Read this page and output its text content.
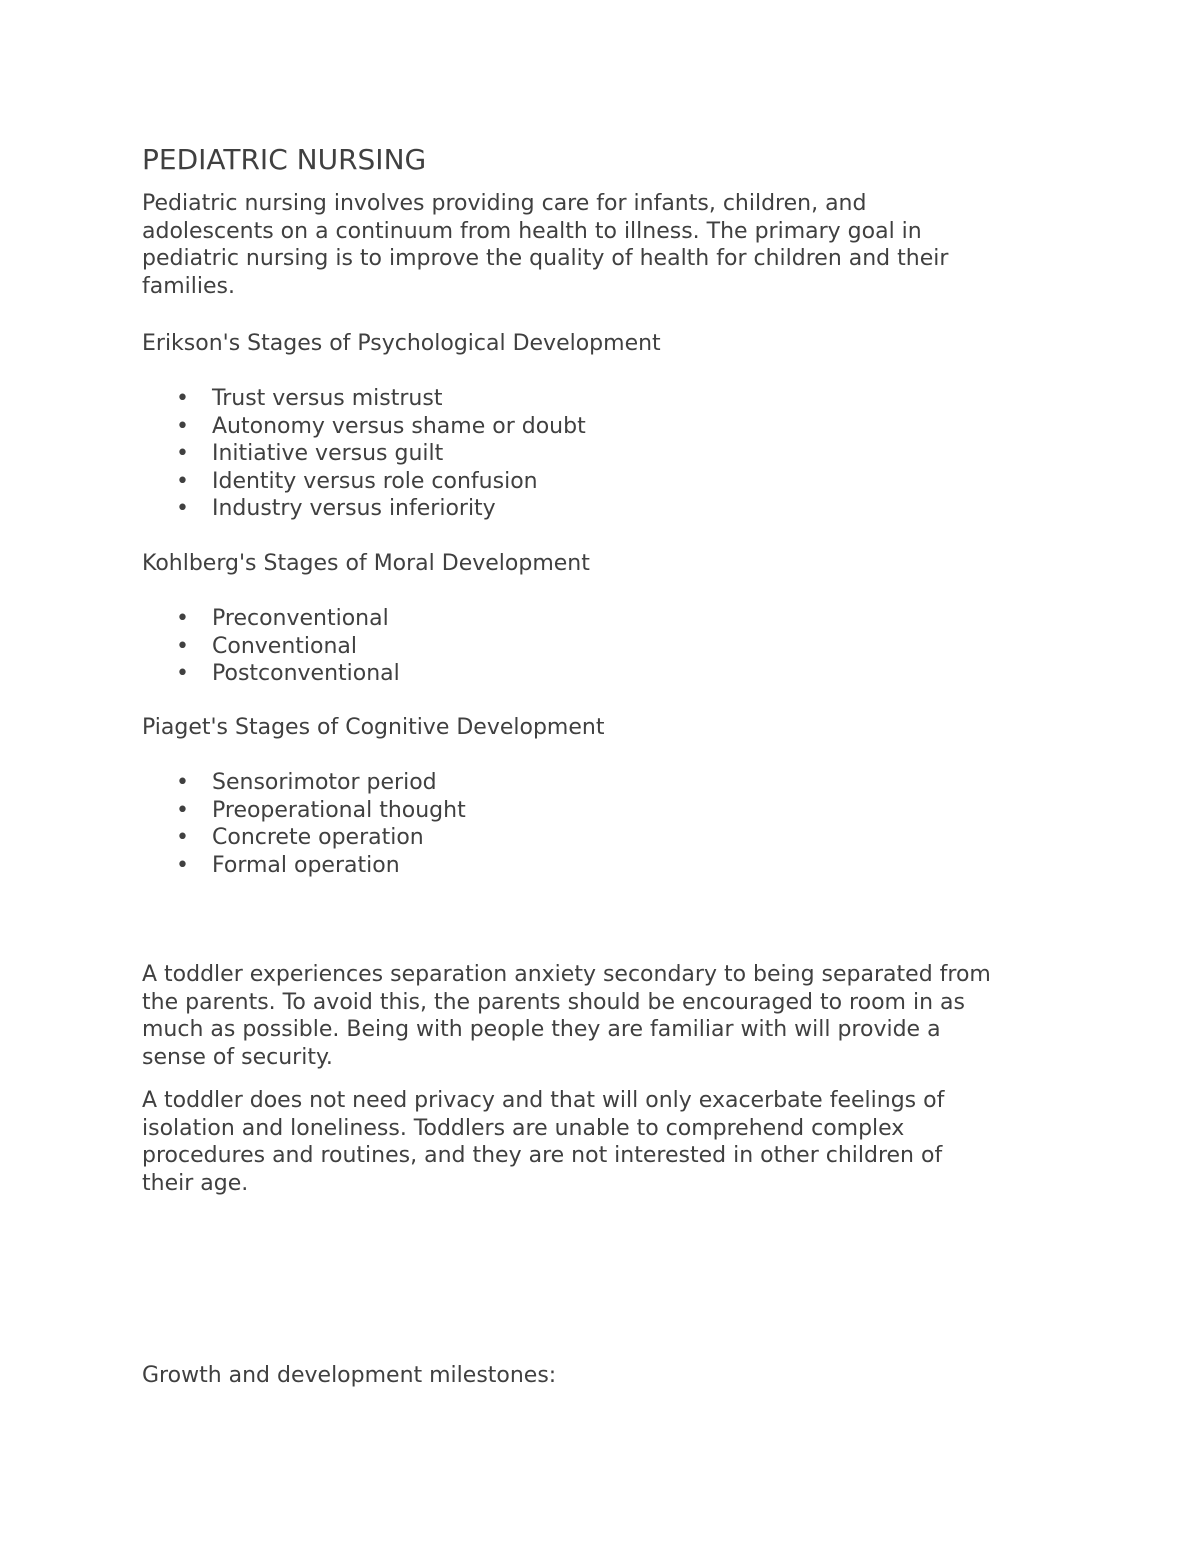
PEDIATRIC NURSING
Pediatric nursing involves providing care for infants, children, and
adolescents on a continuum from health to illness. The primary goal in
pediatric nursing is to improve the quality of health for children and their
families.
Erikson's Stages of Psychological Development
• Trust versus mistrust
• Autonomy versus shame or doubt
• Initiative versus guilt
• Identity versus role confusion
• Industry versus inferiority
Kohlberg's Stages of Moral Development
• Preconventional
• Conventional
• Postconventional
Piaget's Stages of Cognitive Development
• Sensorimotor period
• Preoperational thought
• Concrete operation
• Formal operation
A toddler experiences separation anxiety secondary to being separated from
the parents. To avoid this, the parents should be encouraged to room in as
much as possible. Being with people they are familiar with will provide a
sense of security.
A toddler does not need privacy and that will only exacerbate feelings of
isolation and loneliness. Toddlers are unable to comprehend complex
procedures and routines, and they are not interested in other children of
their age.
Growth and development milestones:
